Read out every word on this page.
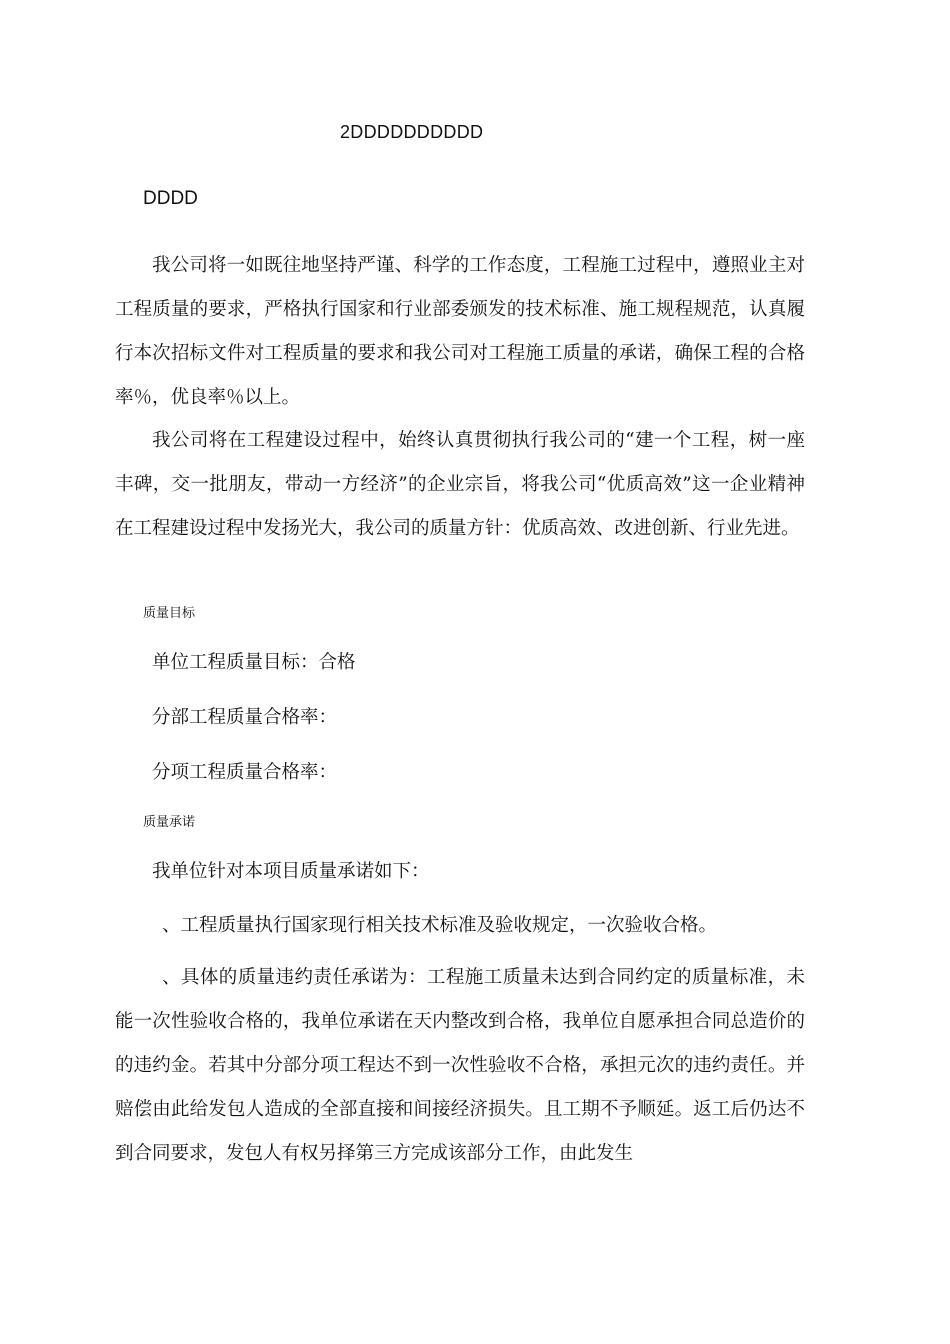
2DDDDDDDDDD
DDDD

我公司将一如既往地坚持严谨、科学的工作态度，工程施工过程中，遵照业主对工程质量的要求，严格执行国家和行业部委颁发的技术标准、施工规程规范，认真履行本次招标文件对工程质量的要求和我公司对工程施工质量的承诺，确保工程的合格率％，优良率％以上。

我公司将在工程建设过程中，始终认真贯彻执行我公司的“建一个工程，树一座丰碑，交一批朋友，带动一方经济”的企业宗旨，将我公司“优质高效”这一企业精神在工程建设过程中发扬光大，我公司的质量方针：优质高效、改进创新、行业先进。

质量目标
单位工程质量目标：合格
分部工程质量合格率：
分项工程质量合格率：
质量承诺
我单位针对本项目质量承诺如下：
、工程质量执行国家现行相关技术标准及验收规定，一次验收合格。

、具体的质量违约责任承诺为：工程施工质量未达到合同约定的质量标准，未能一次性验收合格的，我单位承诺在天内整改到合格，我单位自愿承担合同总造价的的违约金。若其中分部分项工程达不到一次性验收不合格，承担元次的违约责任。并赔偿由此给发包人造成的全部直接和间接经济损失。且工期不予顺延。返工后仍达不到合同要求，发包人有权另择第三方完成该部分工作，由此发生
